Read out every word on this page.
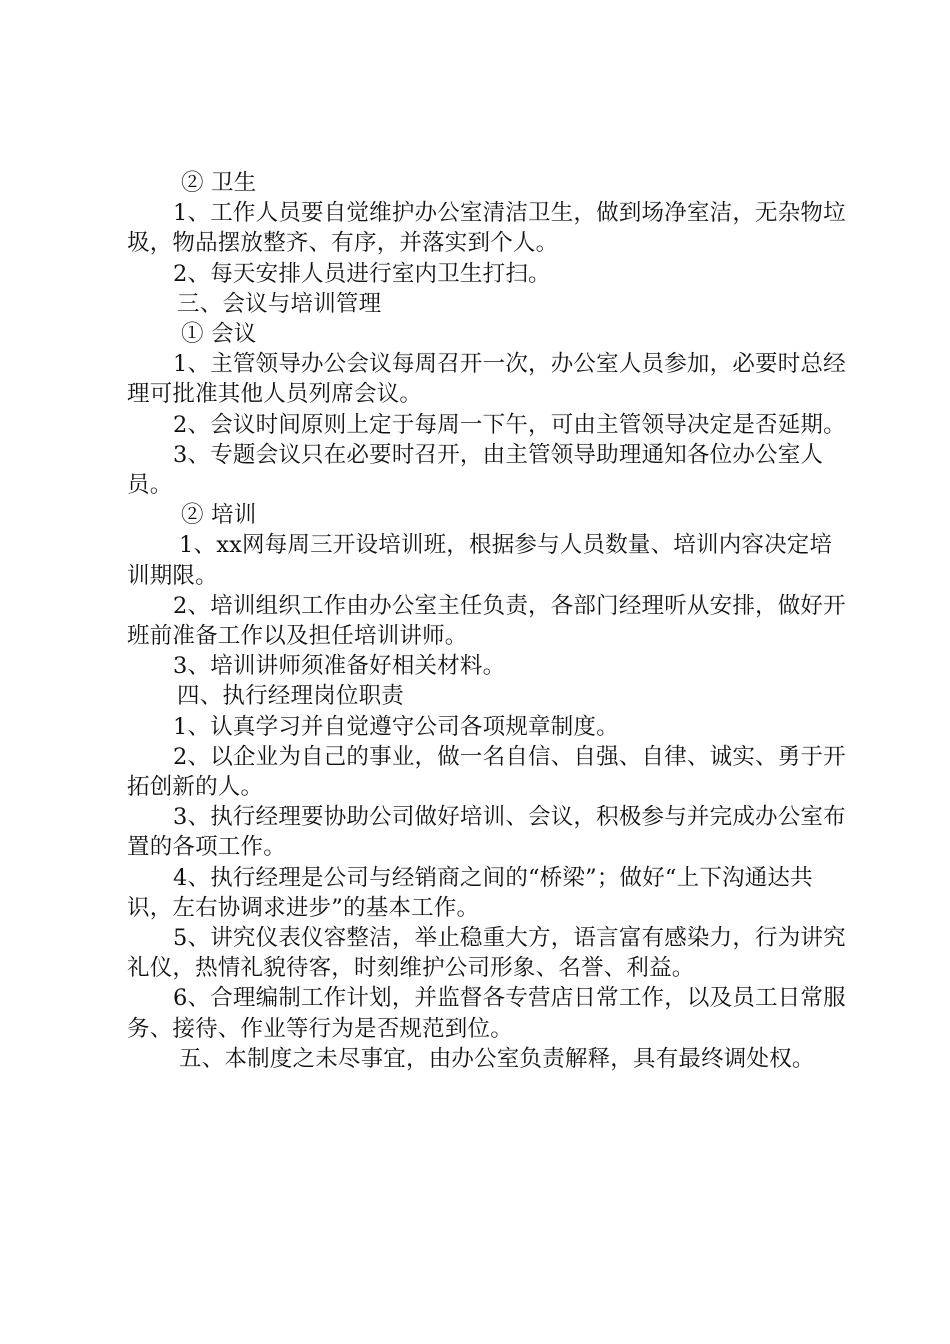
② 卫生

1、工作人员要自觉维护办公室清洁卫生，做到场净室洁，无杂物垃圾，物品摆放整齐、有序，并落实到个人。

2、每天安排人员进行室内卫生打扫。

三、会议与培训管理

① 会议

1、主管领导办公会议每周召开一次，办公室人员参加，必要时总经理可批准其他人员列席会议。

2、会议时间原则上定于每周一下午，可由主管领导决定是否延期。

3、专题会议只在必要时召开，由主管领导助理通知各位办公室人员。

② 培训

1、xx网每周三开设培训班，根据参与人员数量、培训内容决定培训期限。

2、培训组织工作由办公室主任负责，各部门经理听从安排，做好开班前准备工作以及担任培训讲师。

3、培训讲师须准备好相关材料。

四、执行经理岗位职责

1、认真学习并自觉遵守公司各项规章制度。

2、以企业为自己的事业，做一名自信、自强、自律、诚实、勇于开拓创新的人。

3、执行经理要协助公司做好培训、会议，积极参与并完成办公室布置的各项工作。

4、执行经理是公司与经销商之间的“桥梁”；做好“上下沟通达共识，左右协调求进步”的基本工作。

5、讲究仪表仪容整洁，举止稳重大方，语言富有感染力，行为讲究礼仪，热情礼貌待客，时刻维护公司形象、名誉、利益。

6、合理编制工作计划，并监督各专营店日常工作，以及员工日常服务、接待、作业等行为是否规范到位。

五、本制度之未尽事宜，由办公室负责解释，具有最终调处权。
